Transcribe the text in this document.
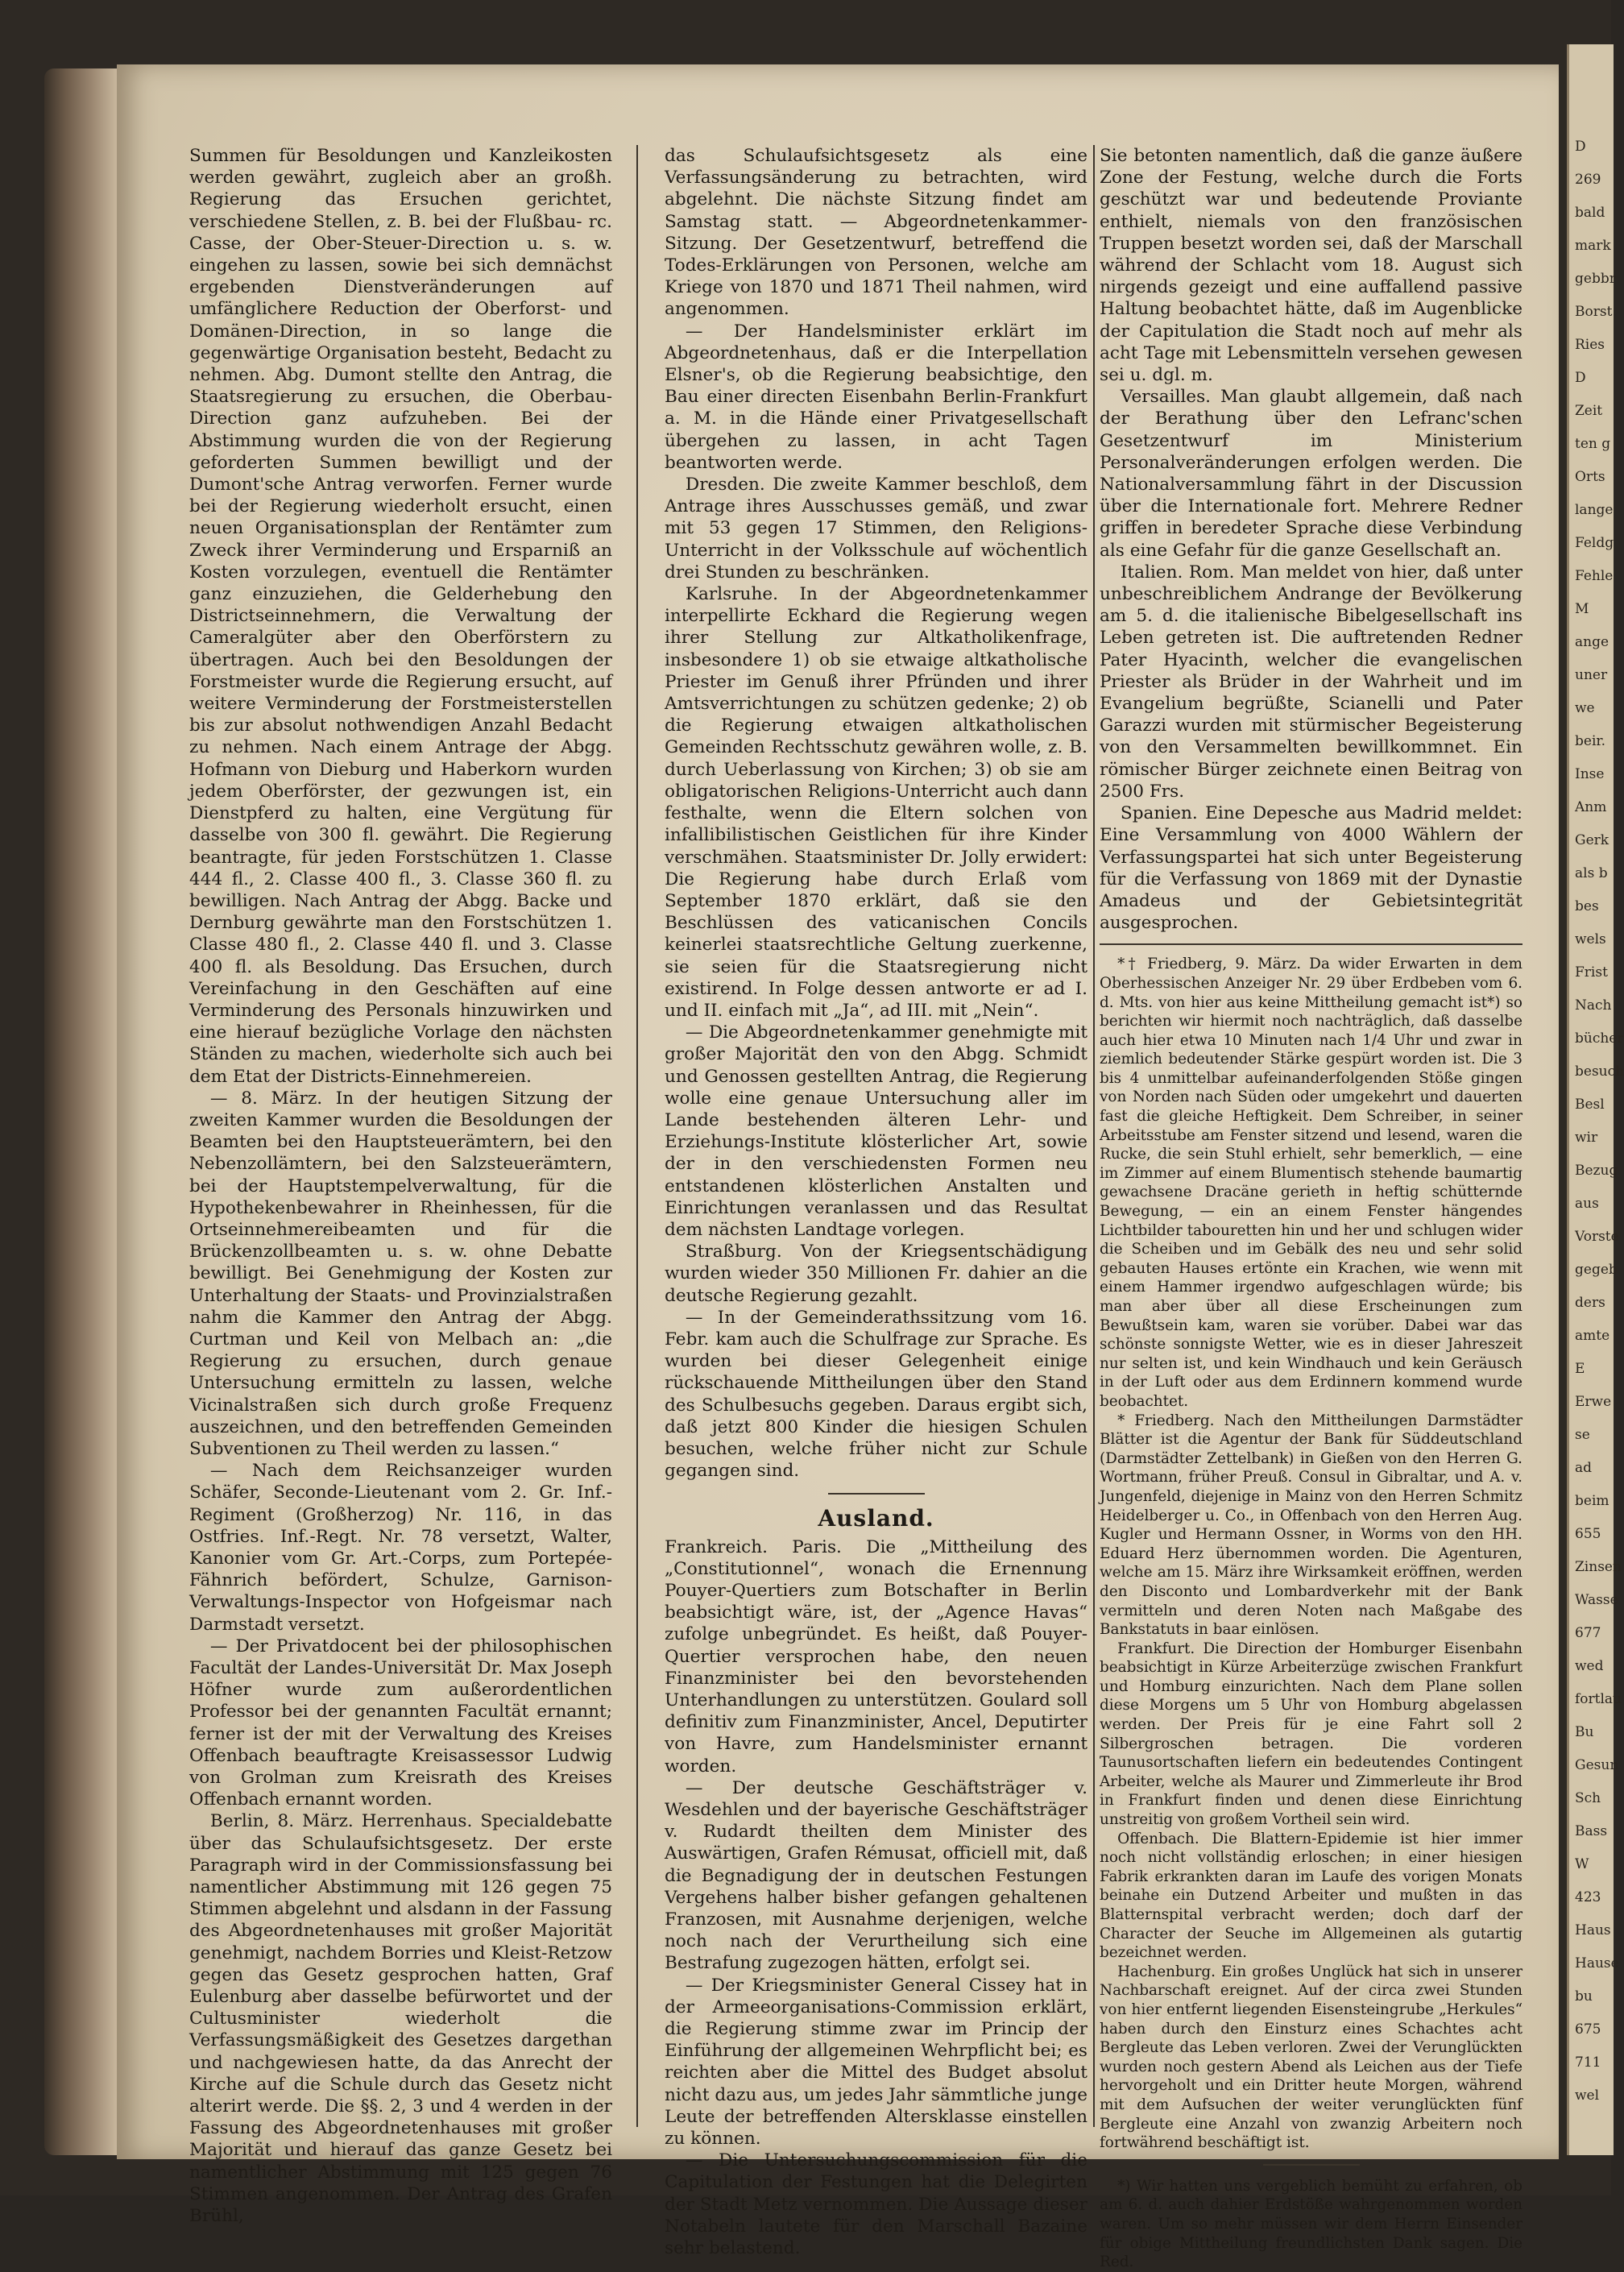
Summen für Besoldungen und Kanzleikosten werden gewährt, zugleich aber an großh. Regierung das Ersuchen gerichtet, verschiedene Stellen, z. B. bei der Flußbau- rc. Casse, der Ober-Steuer-Direction u. s. w. eingehen zu lassen, sowie bei sich demnächst ergebenden Dienstveränderungen auf umfänglichere Reduction der Oberforst- und Domänen-Direction, in so lange die gegenwärtige Organisation besteht, Bedacht zu nehmen. Abg. Dumont stellte den Antrag, die Staatsregierung zu ersuchen, die Oberbau-Direction ganz aufzuheben. Bei der Abstimmung wurden die von der Regierung geforderten Summen bewilligt und der Dumont'sche Antrag verworfen. Ferner wurde bei der Regierung wiederholt ersucht, einen neuen Organisationsplan der Rentämter zum Zweck ihrer Verminderung und Ersparniß an Kosten vorzulegen, eventuell die Rentämter ganz einzuziehen, die Gelderhebung den Districtseinnehmern, die Verwaltung der Cameralgüter aber den Oberförstern zu übertragen. Auch bei den Besoldungen der Forstmeister wurde die Regierung ersucht, auf weitere Verminderung der Forstmeisterstellen bis zur absolut nothwendigen Anzahl Bedacht zu nehmen. Nach einem Antrage der Abgg. Hofmann von Dieburg und Haberkorn wurden jedem Oberförster, der gezwungen ist, ein Dienstpferd zu halten, eine Vergütung für dasselbe von 300 fl. gewährt. Die Regierung beantragte, für jeden Forstschützen 1. Classe 444 fl., 2. Classe 400 fl., 3. Classe 360 fl. zu bewilligen. Nach Antrag der Abgg. Backe und Dernburg gewährte man den Forstschützen 1. Classe 480 fl., 2. Classe 440 fl. und 3. Classe 400 fl. als Besoldung. Das Ersuchen, durch Vereinfachung in den Geschäften auf eine Verminderung des Personals hinzuwirken und eine hierauf bezügliche Vorlage den nächsten Ständen zu machen, wiederholte sich auch bei dem Etat der Districts-Einnehmereien.

— 8. März. In der heutigen Sitzung der zweiten Kammer wurden die Besoldungen der Beamten bei den Hauptsteuerämtern, bei den Nebenzollämtern, bei den Salzsteuerämtern, bei der Hauptstempelverwaltung, für die Hypothekenbewahrer in Rheinhessen, für die Ortseinnehmereibeamten und für die Brückenzollbeamten u. s. w. ohne Debatte bewilligt. Bei Genehmigung der Kosten zur Unterhaltung der Staats- und Provinzialstraßen nahm die Kammer den Antrag der Abgg. Curtman und Keil von Melbach an: „die Regierung zu ersuchen, durch genaue Untersuchung ermitteln zu lassen, welche Vicinalstraßen sich durch große Frequenz auszeichnen, und den betreffenden Gemeinden Subventionen zu Theil werden zu lassen.“

— Nach dem Reichsanzeiger wurden Schäfer, Seconde-Lieutenant vom 2. Gr. Inf.-Regiment (Großherzog) Nr. 116, in das Ostfries. Inf.-Regt. Nr. 78 versetzt, Walter, Kanonier vom Gr. Art.-Corps, zum Portepée-Fähnrich befördert, Schulze, Garnison-Verwaltungs-Inspector von Hofgeismar nach Darmstadt versetzt.

— Der Privatdocent bei der philosophischen Facultät der Landes-Universität Dr. Max Joseph Höfner wurde zum außerordentlichen Professor bei der genannten Facultät ernannt; ferner ist der mit der Verwaltung des Kreises Offenbach beauftragte Kreisassessor Ludwig von Grolman zum Kreisrath des Kreises Offenbach ernannt worden.

Berlin, 8. März. Herrenhaus. Specialdebatte über das Schulaufsichtsgesetz. Der erste Paragraph wird in der Commissionsfassung bei namentlicher Abstimmung mit 126 gegen 75 Stimmen abgelehnt und alsdann in der Fassung des Abgeordnetenhauses mit großer Majorität genehmigt, nachdem Borries und Kleist-Retzow gegen das Gesetz gesprochen hatten, Graf Eulenburg aber dasselbe befürwortet und der Cultusminister wiederholt die Verfassungsmäßigkeit des Gesetzes dargethan und nachgewiesen hatte, da das Anrecht der Kirche auf die Schule durch das Gesetz nicht alterirt werde. Die §§. 2, 3 und 4 werden in der Fassung des Abgeordnetenhauses mit großer Majorität und hierauf das ganze Gesetz bei namentlicher Abstimmung mit 125 gegen 76 Stimmen angenommen. Der Antrag des Grafen Brühl,

das Schulaufsichtsgesetz als eine Verfassungsänderung zu betrachten, wird abgelehnt. Die nächste Sitzung findet am Samstag statt. — Abgeordnetenkammer-Sitzung. Der Gesetzentwurf, betreffend die Todes-Erklärungen von Personen, welche am Kriege von 1870 und 1871 Theil nahmen, wird angenommen.

— Der Handelsminister erklärt im Abgeordnetenhaus, daß er die Interpellation Elsner's, ob die Regierung beabsichtige, den Bau einer directen Eisenbahn Berlin-Frankfurt a. M. in die Hände einer Privatgesellschaft übergehen zu lassen, in acht Tagen beantworten werde.

Dresden. Die zweite Kammer beschloß, dem Antrage ihres Ausschusses gemäß, und zwar mit 53 gegen 17 Stimmen, den Religions-Unterricht in der Volksschule auf wöchentlich drei Stunden zu beschränken.

Karlsruhe. In der Abgeordnetenkammer interpellirte Eckhard die Regierung wegen ihrer Stellung zur Altkatholikenfrage, insbesondere 1) ob sie etwaige altkatholische Priester im Genuß ihrer Pfründen und ihrer Amtsverrichtungen zu schützen gedenke; 2) ob die Regierung etwaigen altkatholischen Gemeinden Rechtsschutz gewähren wolle, z. B. durch Ueberlassung von Kirchen; 3) ob sie am obligatorischen Religions-Unterricht auch dann festhalte, wenn die Eltern solchen von infallibilistischen Geistlichen für ihre Kinder verschmähen. Staatsminister Dr. Jolly erwidert: Die Regierung habe durch Erlaß vom September 1870 erklärt, daß sie den Beschlüssen des vaticanischen Concils keinerlei staatsrechtliche Geltung zuerkenne, sie seien für die Staatsregierung nicht existirend. In Folge dessen antworte er ad I. und II. einfach mit „Ja“, ad III. mit „Nein“.

— Die Abgeordnetenkammer genehmigte mit großer Majorität den von den Abgg. Schmidt und Genossen gestellten Antrag, die Regierung wolle eine genaue Untersuchung aller im Lande bestehenden älteren Lehr- und Erziehungs-Institute klösterlicher Art, sowie der in den verschiedensten Formen neu entstandenen klösterlichen Anstalten und Einrichtungen veranlassen und das Resultat dem nächsten Landtage vorlegen.

Straßburg. Von der Kriegsentschädigung wurden wieder 350 Millionen Fr. dahier an die deutsche Regierung gezahlt.

— In der Gemeinderathssitzung vom 16. Febr. kam auch die Schulfrage zur Sprache. Es wurden bei dieser Gelegenheit einige rückschauende Mittheilungen über den Stand des Schulbesuchs gegeben. Daraus ergibt sich, daß jetzt 800 Kinder die hiesigen Schulen besuchen, welche früher nicht zur Schule gegangen sind.

Ausland.

Frankreich. Paris. Die „Mittheilung des „Constitutionnel“, wonach die Ernennung Pouyer-Quertiers zum Botschafter in Berlin beabsichtigt wäre, ist, der „Agence Havas“ zufolge unbegründet. Es heißt, daß Pouyer-Quertier versprochen habe, den neuen Finanzminister bei den bevorstehenden Unterhandlungen zu unterstützen. Goulard soll definitiv zum Finanzminister, Ancel, Deputirter von Havre, zum Handelsminister ernannt worden.

— Der deutsche Geschäftsträger v. Wesdehlen und der bayerische Geschäftsträger v. Rudardt theilten dem Minister des Auswärtigen, Grafen Rémusat, officiell mit, daß die Begnadigung der in deutschen Festungen Vergehens halber bisher gefangen gehaltenen Franzosen, mit Ausnahme derjenigen, welche noch nach der Verurtheilung sich eine Bestrafung zugezogen hätten, erfolgt sei.

— Der Kriegsminister General Cissey hat in der Armeeorganisations-Commission erklärt, die Regierung stimme zwar im Princip der Einführung der allgemeinen Wehrpflicht bei; es reichten aber die Mittel des Budget absolut nicht dazu aus, um jedes Jahr sämmtliche junge Leute der betreffenden Altersklasse einstellen zu können.

— Die Untersuchungscommission für die Capitulation der Festungen hat die Delegirten der Stadt Metz vernommen. Die Aussage dieser Notabeln lautete für den Marschall Bazaine sehr belastend.

Sie betonten namentlich, daß die ganze äußere Zone der Festung, welche durch die Forts geschützt war und bedeutende Proviante enthielt, niemals von den französischen Truppen besetzt worden sei, daß der Marschall während der Schlacht vom 18. August sich nirgends gezeigt und eine auffallend passive Haltung beobachtet hätte, daß im Augenblicke der Capitulation die Stadt noch auf mehr als acht Tage mit Lebensmitteln versehen gewesen sei u. dgl. m.

Versailles. Man glaubt allgemein, daß nach der Berathung über den Lefranc'schen Gesetzentwurf im Ministerium Personalveränderungen erfolgen werden. Die Nationalversammlung fährt in der Discussion über die Internationale fort. Mehrere Redner griffen in beredeter Sprache diese Verbindung als eine Gefahr für die ganze Gesellschaft an.

Italien. Rom. Man meldet von hier, daß unter unbeschreiblichem Andrange der Bevölkerung am 5. d. die italienische Bibelgesellschaft ins Leben getreten ist. Die auftretenden Redner Pater Hyacinth, welcher die evangelischen Priester als Brüder in der Wahrheit und im Evangelium begrüßte, Scianelli und Pater Garazzi wurden mit stürmischer Begeisterung von den Versammelten bewillkommnet. Ein römischer Bürger zeichnete einen Beitrag von 2500 Frs.

Spanien. Eine Depesche aus Madrid meldet: Eine Versammlung von 4000 Wählern der Verfassungspartei hat sich unter Begeisterung für die Verfassung von 1869 mit der Dynastie Amadeus und der Gebietsintegrität ausgesprochen.

*† Friedberg, 9. März. Da wider Erwarten in dem Oberhessischen Anzeiger Nr. 29 über Erdbeben vom 6. d. Mts. von hier aus keine Mittheilung gemacht ist*) so berichten wir hiermit noch nachträglich, daß dasselbe auch hier etwa 10 Minuten nach 1/4 Uhr und zwar in ziemlich bedeutender Stärke gespürt worden ist. Die 3 bis 4 unmittelbar aufeinanderfolgenden Stöße gingen von Norden nach Süden oder umgekehrt und dauerten fast die gleiche Heftigkeit. Dem Schreiber, in seiner Arbeitsstube am Fenster sitzend und lesend, waren die Rucke, die sein Stuhl erhielt, sehr bemerklich, — eine im Zimmer auf einem Blumentisch stehende baumartig gewachsene Dracäne gerieth in heftig schütternde Bewegung, — ein an einem Fenster hängendes Lichtbilder tabouretten hin und her und schlugen wider die Scheiben und im Gebälk des neu und sehr solid gebauten Hauses ertönte ein Krachen, wie wenn mit einem Hammer irgendwo aufgeschlagen würde; bis man aber über all diese Erscheinungen zum Bewußtsein kam, waren sie vorüber. Dabei war das schönste sonnigste Wetter, wie es in dieser Jahreszeit nur selten ist, und kein Windhauch und kein Geräusch in der Luft oder aus dem Erdinnern kommend wurde beobachtet.

* Friedberg. Nach den Mittheilungen Darmstädter Blätter ist die Agentur der Bank für Süddeutschland (Darmstädter Zettelbank) in Gießen von den Herren G. Wortmann, früher Preuß. Consul in Gibraltar, und A. v. Jungenfeld, diejenige in Mainz von den Herren Schmitz Heidelberger u. Co., in Offenbach von den Herren Aug. Kugler und Hermann Ossner, in Worms von den HH. Eduard Herz übernommen worden. Die Agenturen, welche am 15. März ihre Wirksamkeit eröffnen, werden den Disconto und Lombardverkehr mit der Bank vermitteln und deren Noten nach Maßgabe des Bankstatuts in baar einlösen.

Frankfurt. Die Direction der Homburger Eisenbahn beabsichtigt in Kürze Arbeiterzüge zwischen Frankfurt und Homburg einzurichten. Nach dem Plane sollen diese Morgens um 5 Uhr von Homburg abgelassen werden. Der Preis für je eine Fahrt soll 2 Silbergroschen betragen. Die vorderen Taunusortschaften liefern ein bedeutendes Contingent Arbeiter, welche als Maurer und Zimmerleute ihr Brod in Frankfurt finden und denen diese Einrichtung unstreitig von großem Vortheil sein wird.

Offenbach. Die Blattern-Epidemie ist hier immer noch nicht vollständig erloschen; in einer hiesigen Fabrik erkrankten daran im Laufe des vorigen Monats beinahe ein Dutzend Arbeiter und mußten in das Blatternspital verbracht werden; doch darf der Character der Seuche im Allgemeinen als gutartig bezeichnet werden.

Hachenburg. Ein großes Unglück hat sich in unserer Nachbarschaft ereignet. Auf der circa zwei Stunden von hier entfernt liegenden Eisensteingrube „Herkules“ haben durch den Einsturz eines Schachtes acht Bergleute das Leben verloren. Zwei der Verunglückten wurden noch gestern Abend als Leichen aus der Tiefe hervorgeholt und ein Dritter heute Morgen, während mit dem Aufsuchen der weiter verunglückten fünf Bergleute eine Anzahl von zwanzig Arbeitern noch fortwährend beschäftigt ist.

*) Wir hatten uns vergeblich bemüht zu erfahren, ob am 6. d. auch dahier Erdstöße wahrgenommen worden waren. Um so mehr müssen wir dem Herrn Einsender für obige Mittheilung freundlichsten Dank sagen. Die Red.

D
269
bald
mark
gebbr
Borst
Ries
D
Zeit
ten g
Orts
lange
Feldg
Fehle
M
ange
uner
we
beir.
Inse
Anm
Gerk
als b
bes
wels
Frist
Nach
bücher
besuch
Besl
wir
Bezug
aus
Vorste
gegeb
ders
amte
E
Erwe
se
ad
beim
655
Zinsen
Wasse
677
wed
fortlau
Bu
Gesun
Sch
Bass
W
423
Haus
Hause
bu
675
711
wel
